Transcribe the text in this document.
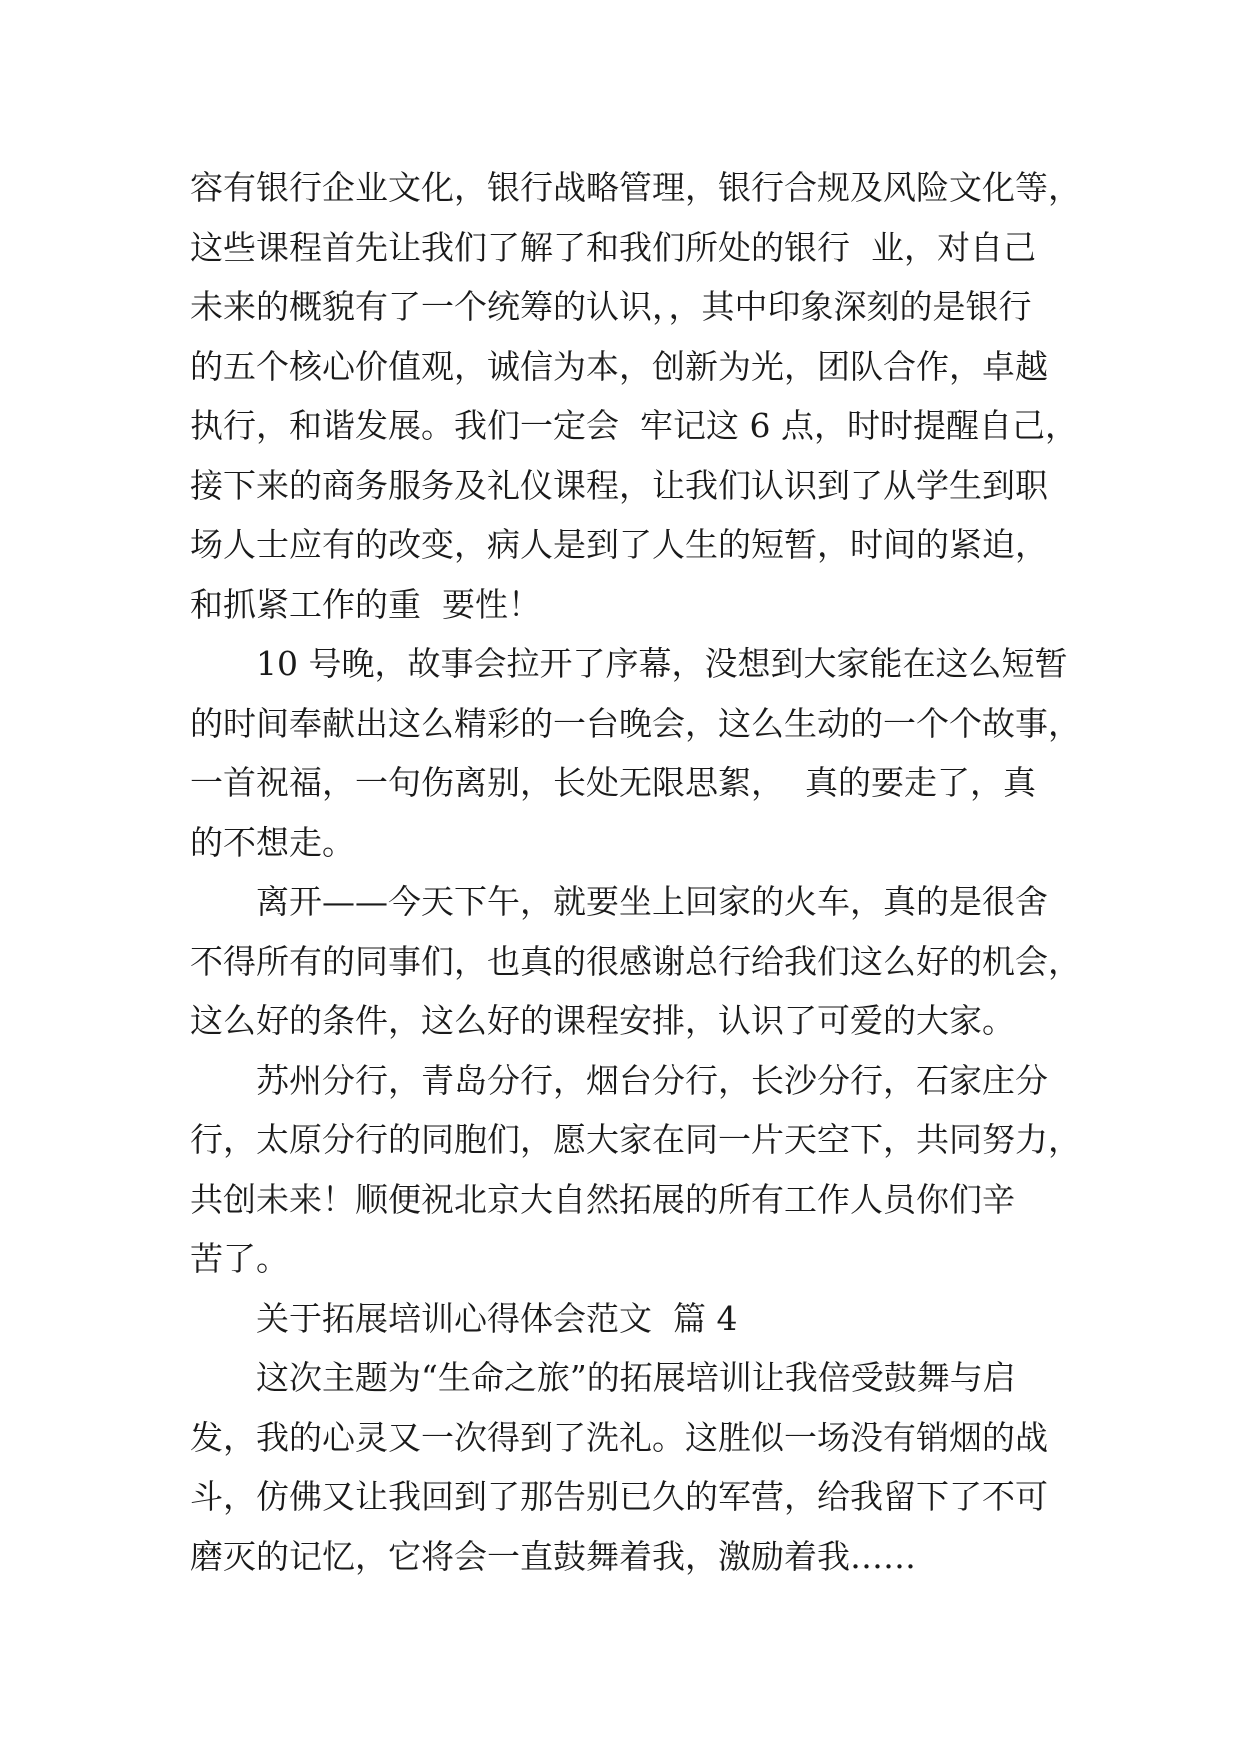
容有银行企业文化，银行战略管理，银行合规及风险文化等，
这些课程首先让我们了解了和我们所处的银行  业，对自己
未来的概貌有了一个统筹的认识，，其中印象深刻的是银行
的五个核心价值观，诚信为本，创新为光，团队合作，卓越
执行，和谐发展。我们一定会  牢记这 6 点，时时提醒自己，
接下来的商务服务及礼仪课程，让我们认识到了从学生到职
场人士应有的改变，病人是到了人生的短暂，时间的紧迫，
和抓紧工作的重  要性！
10 号晚，故事会拉开了序幕，没想到大家能在这么短暂
的时间奉献出这么精彩的一台晚会，这么生动的一个个故事，
一首祝福，一句伤离别，长处无限思絮，  真的要走了，真
的不想走。
离开——今天下午，就要坐上回家的火车，真的是很舍
不得所有的同事们，也真的很感谢总行给我们这么好的机会，
这么好的条件，这么好的课程安排，认识了可爱的大家。
苏州分行，青岛分行，烟台分行，长沙分行，石家庄分
行，太原分行的同胞们，愿大家在同一片天空下，共同努力，
共创未来！顺便祝北京大自然拓展的所有工作人员你们辛
苦了。
关于拓展培训心得体会范文  篇 4
这次主题为“生命之旅”的拓展培训让我倍受鼓舞与启
发，我的心灵又一次得到了洗礼。这胜似一场没有销烟的战
斗，仿佛又让我回到了那告别已久的军营，给我留下了不可
磨灭的记忆，它将会一直鼓舞着我，激励着我……
